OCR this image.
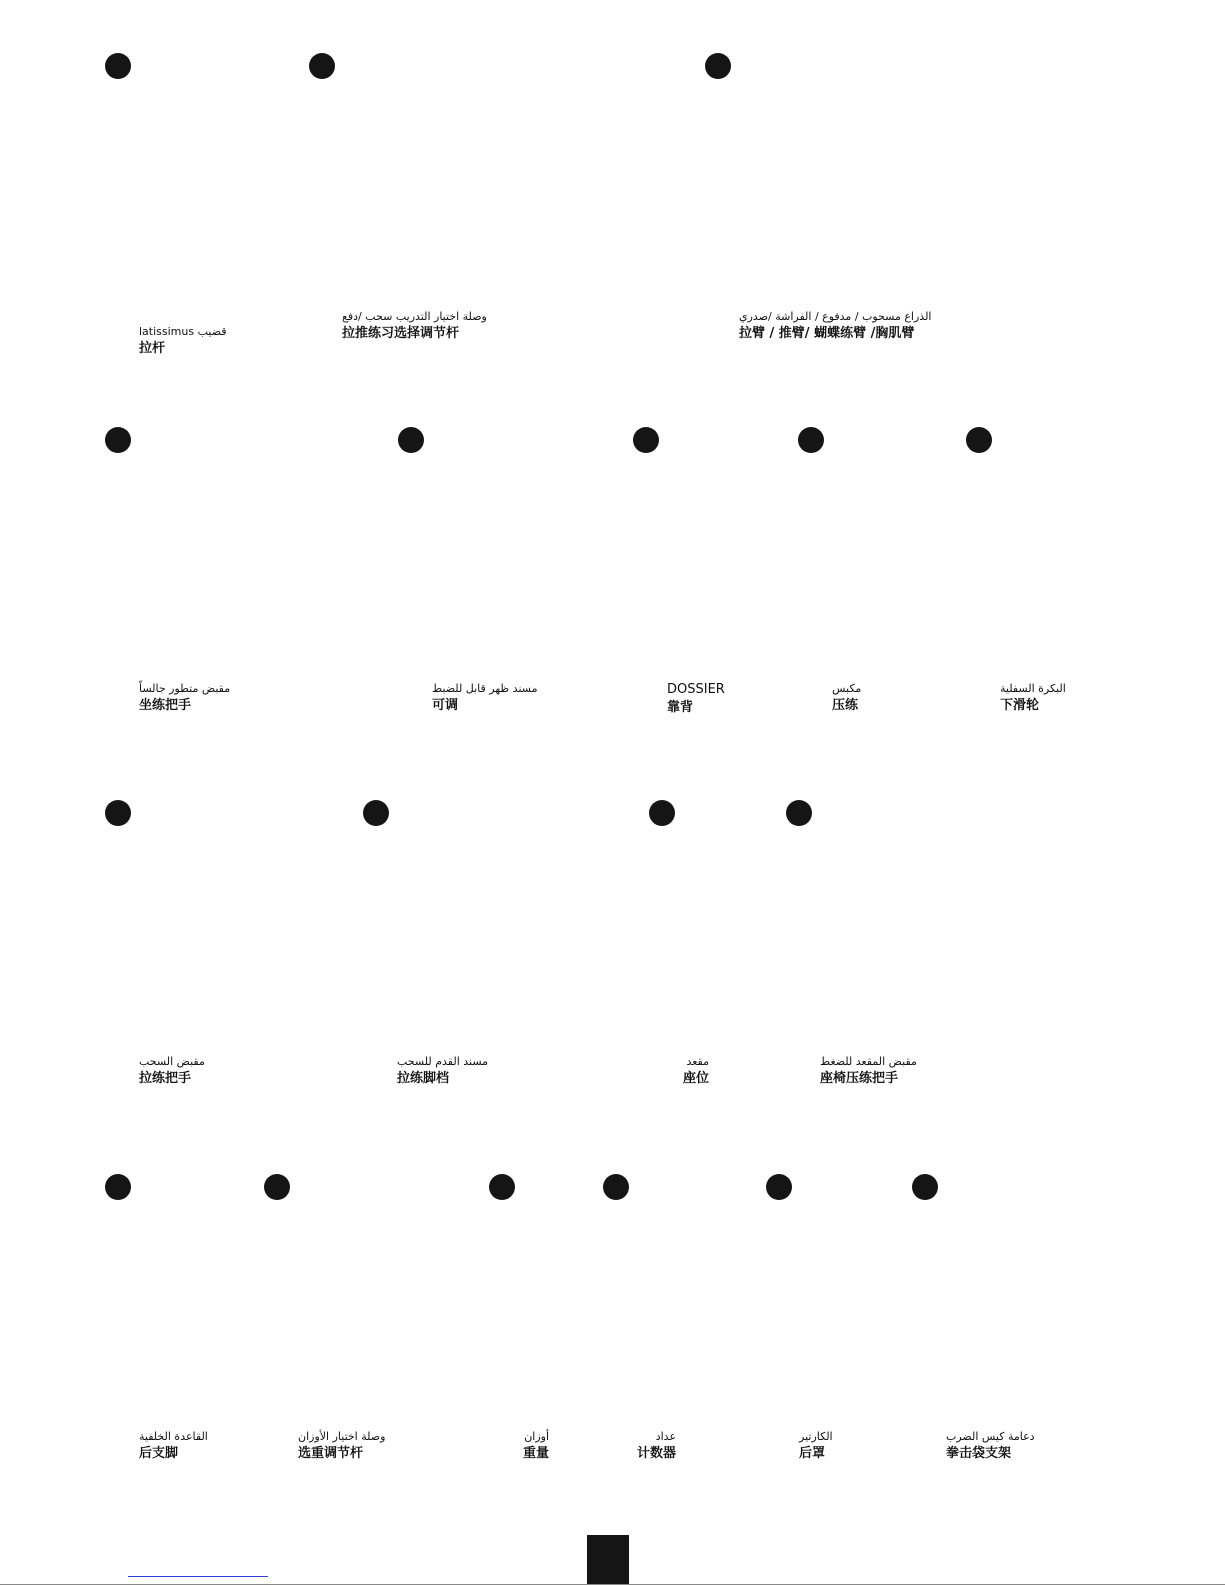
latissimus قضيب
拉杆
وصلة اختيار التدريب سحب /دفع
拉推练习选择调节杆
الذراع مسحوب / مدفوع / الفراشة /صدري
拉臂 / 推臂/ 蝴蝶练臂 /胸肌臂
مقبض متطور جالساً
坐练把手
مسند ظهر قابل للضبط
可调
DOSSIER
靠背
مكبس
压练
البكرة السفلية
下滑轮
مقبض السحب
拉练把手
مسند القدم للسحب
拉练脚档
مقعد
座位
مقبض المقعد للضغط
座椅压练把手
القاعدة الخلفية
后支脚
وصلة اختيار الأوزان
选重调节杆
أوزان
重量
عداد
计数器
الكارتير
后罩
دعامة كيس الضرب
拳击袋支架
